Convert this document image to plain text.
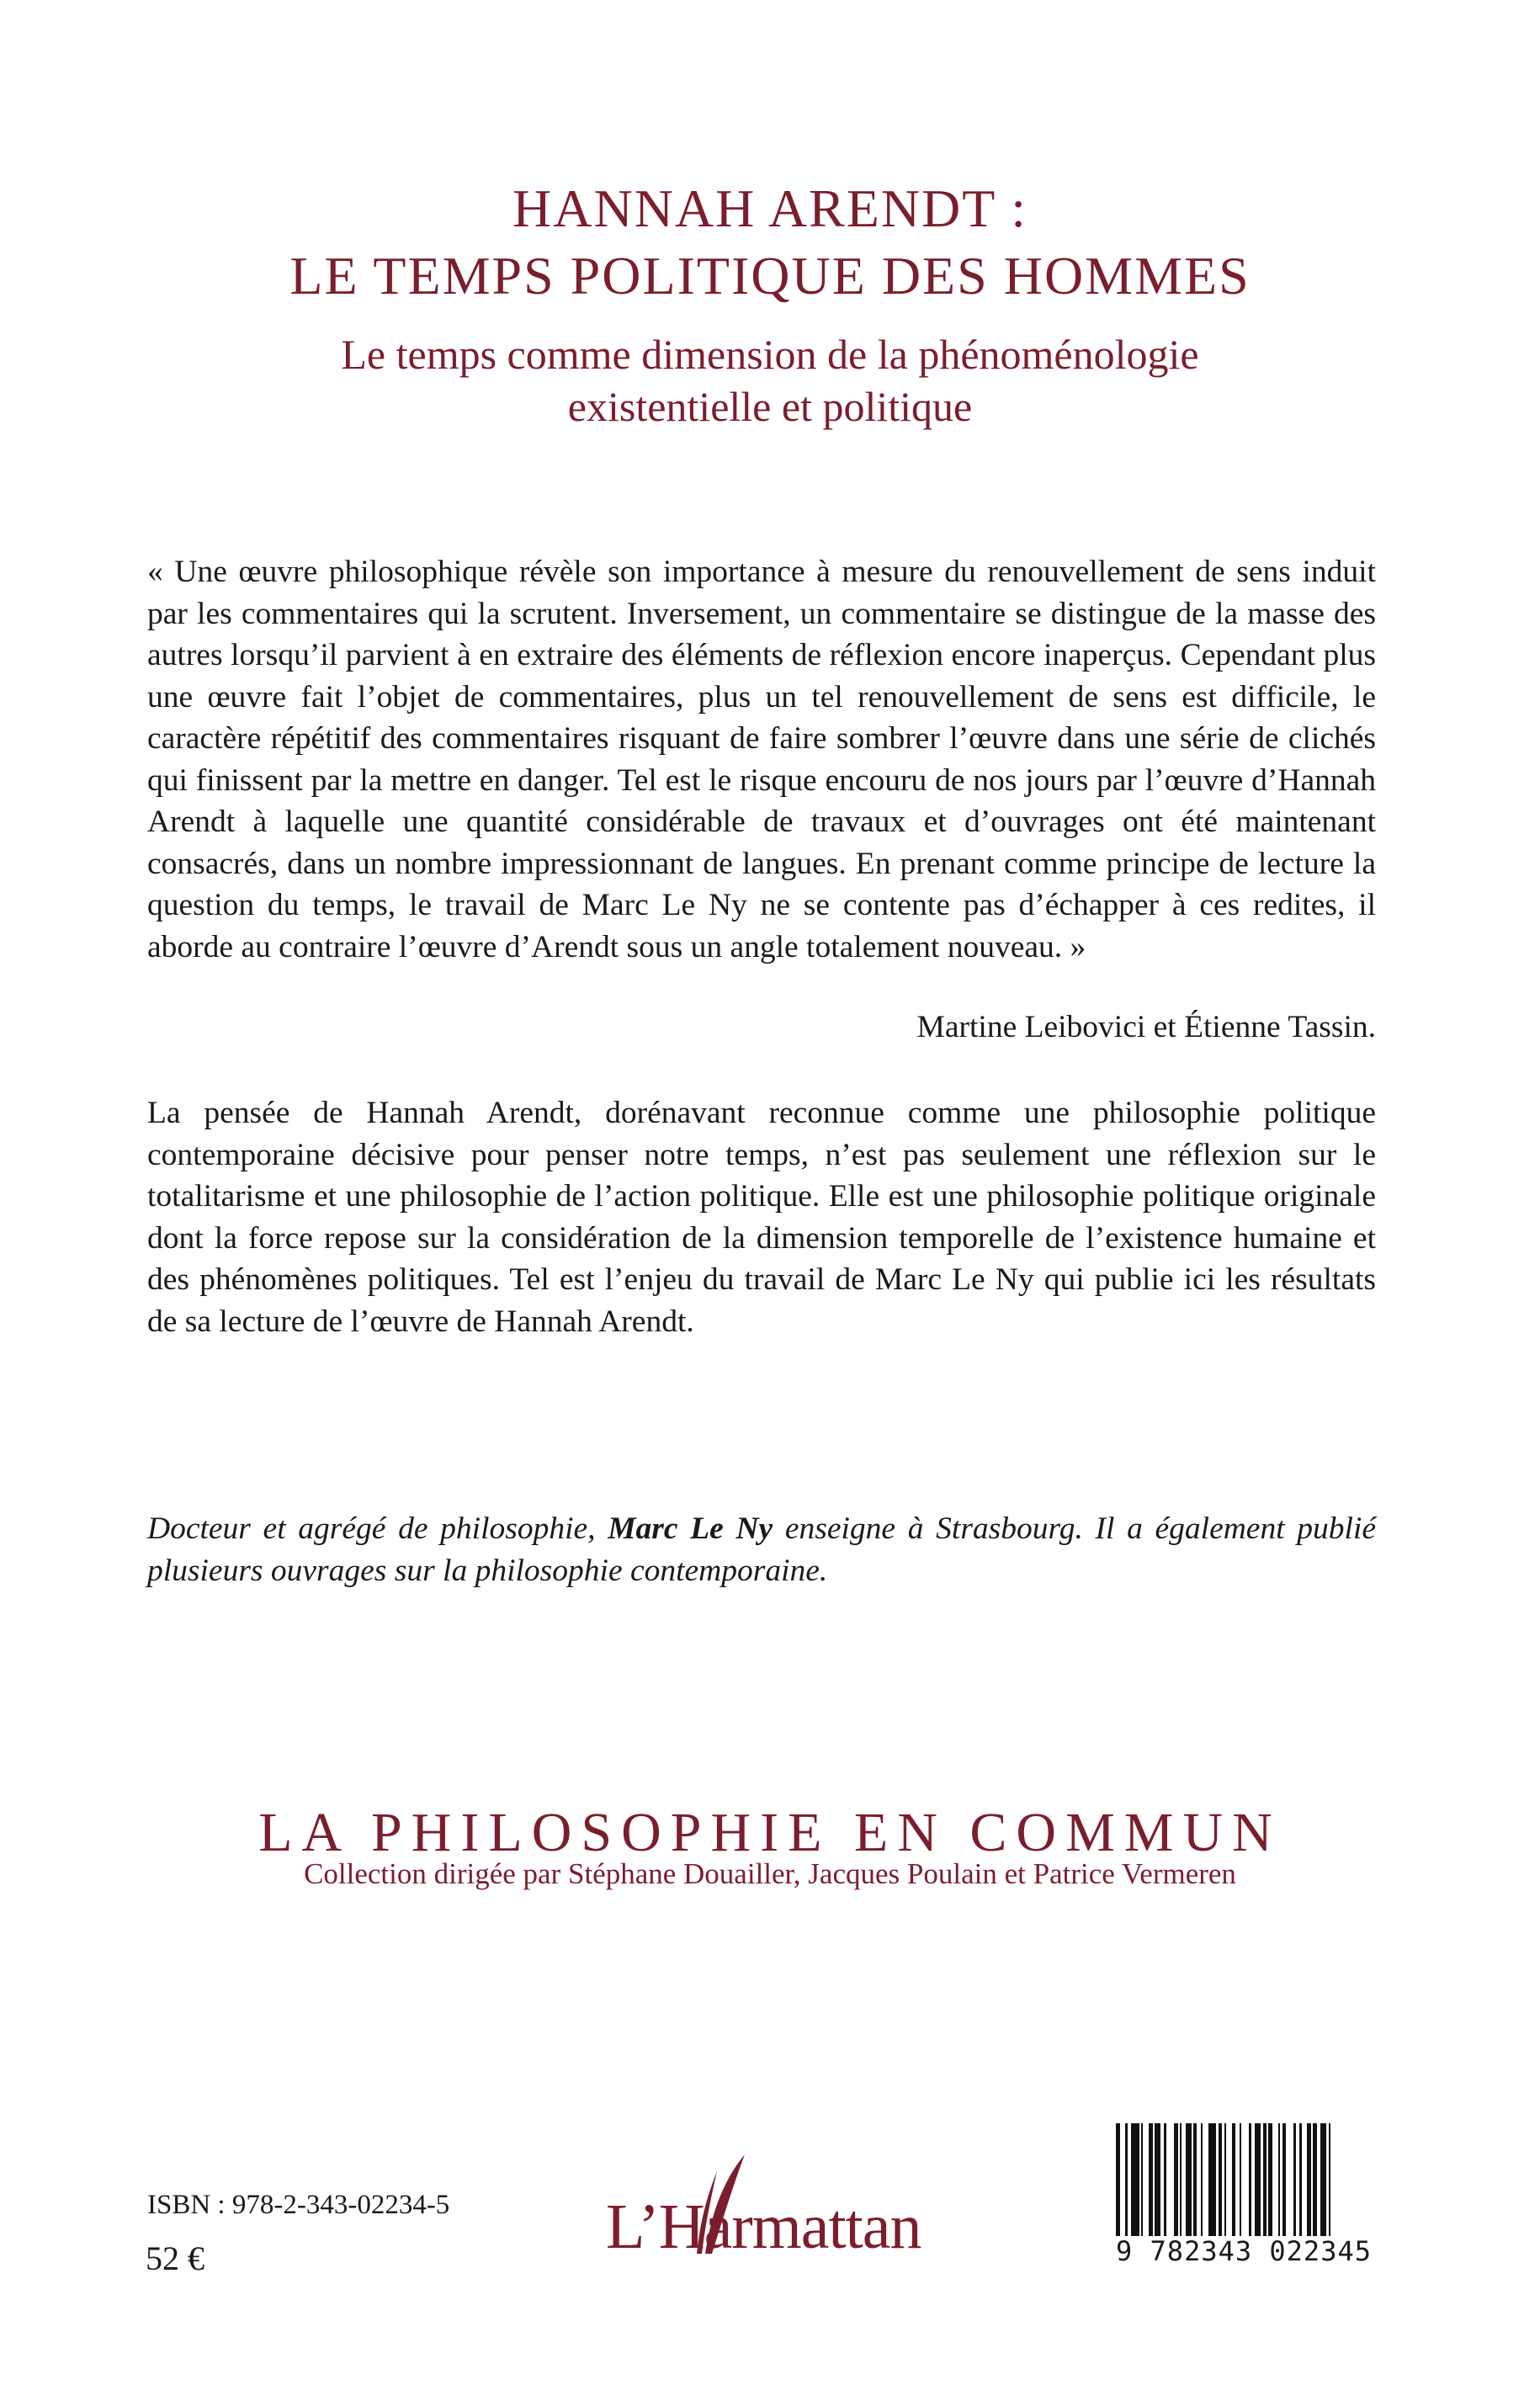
HANNAH ARENDT :
LE TEMPS POLITIQUE DES HOMMES
Le temps comme dimension de la phénoménologie
existentielle et politique
« Une œuvre philosophique révèle son importance à mesure du renouvellement de sens induit par les commentaires qui la scrutent. Inversement, un commentaire se distingue de la masse des autres lorsqu’il parvient à en extraire des éléments de réflexion encore inaperçus. Cependant plus une œuvre fait l’objet de commentaires, plus un tel renouvellement de sens est difficile, le caractère répétitif des commentaires risquant de faire sombrer l’œuvre dans une série de clichés qui finissent par la mettre en danger. Tel est le risque encouru de nos jours par l’œuvre d’Hannah Arendt à laquelle une quantité considérable de travaux et d’ouvrages ont été maintenant consacrés, dans un nombre impressionnant de langues. En prenant comme principe de lecture la question du temps, le travail de Marc Le Ny ne se contente pas d’échapper à ces redites, il aborde au contraire l’œuvre d’Arendt sous un angle totalement nouveau. »
Martine Leibovici et Étienne Tassin.
La pensée de Hannah Arendt, dorénavant reconnue comme une philosophie politique contemporaine décisive pour penser notre temps, n’est pas seulement une réflexion sur le totalitarisme et une philosophie de l’action politique. Elle est une philosophie politique originale dont la force repose sur la considération de la dimension temporelle de l’existence humaine et des phénomènes politiques. Tel est l’enjeu du travail de Marc Le Ny qui publie ici les résultats de sa lecture de l’œuvre de Hannah Arendt.
Docteur et agrégé de philosophie, Marc Le Ny enseigne à Strasbourg. Il a également publié plusieurs ouvrages sur la philosophie contemporaine.
LA PHILOSOPHIE EN COMMUN
Collection dirigée par Stéphane Douailler, Jacques Poulain et Patrice Vermeren
ISBN : 978-2-343-02234-5
52 €	L’Harmattan	9 782343 022345
